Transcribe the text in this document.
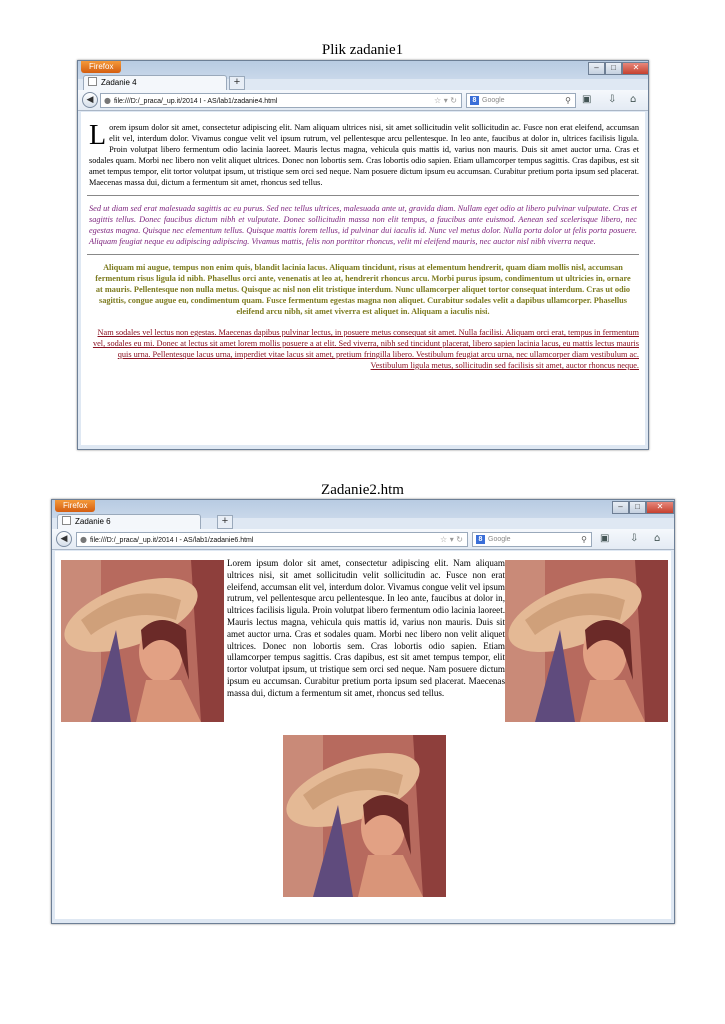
Plik zadanie1
Firefox	–	□	✕
Zadanie 4	+
◀	● file:///D:/_praca/_up.it/2014 I - AS/lab1/zadanie4.html	☆ ▾ ↻	8 Google	⚲ ▣ ⇩ ⌂

Lorem ipsum dolor sit amet, consectetur adipiscing elit. Nam aliquam ultrices nisi, sit amet sollicitudin velit sollicitudin ac. Fusce non erat eleifend, accumsan elit vel, interdum dolor. Vivamus congue velit vel ipsum rutrum, vel pellentesque arcu pellentesque. In leo ante, faucibus at dolor in, ultrices facilisis ligula. Proin volutpat libero fermentum odio lacinia laoreet. Mauris lectus magna, vehicula quis mattis id, varius non mauris. Duis sit amet auctor urna. Cras et sodales quam. Morbi nec libero non velit aliquet ultrices. Donec non lobortis sem. Cras lobortis odio sapien. Etiam ullamcorper tempus sagittis. Cras dapibus, est sit amet tempus tempor, elit tortor volutpat ipsum, ut tristique sem orci sed neque. Nam posuere dictum ipsum eu accumsan. Curabitur pretium porta ipsum sed placerat. Maecenas massa dui, dictum a fermentum sit amet, rhoncus sed tellus.

Sed ut diam sed erat malesuada sagittis ac eu purus. Sed nec tellus ultrices, malesuada ante ut, gravida diam. Nullam eget odio at libero pulvinar vulputate. Cras et sagittis tellus. Donec faucibus dictum nibh et vulputate. Donec sollicitudin massa non elit tempus, a faucibus ante euismod. Aenean sed scelerisque libero, nec egestas magna. Quisque nec elementum tellus. Quisque mattis lorem tellus, id pulvinar dui iaculis id. Nunc vel metus dolor. Nulla porta dolor ut felis porta posuere. Aliquam feugiat neque eu adipiscing adipiscing. Vivamus mattis, felis non porttitor rhoncus, velit mi eleifend mauris, nec auctor nisl nibh viverra neque.

Aliquam mi augue, tempus non enim quis, blandit lacinia lacus. Aliquam tincidunt, risus at elementum hendrerit, quam diam mollis nisl, accumsan fermentum risus ligula id nibh. Phasellus orci ante, venenatis at leo at, hendrerit rhoncus arcu. Morbi purus ipsum, condimentum ut ultricies in, ornare at mauris. Pellentesque non nulla metus. Quisque ac nisl non elit tristique interdum. Nunc ullamcorper aliquet tortor consequat interdum. Cras ut odio sagittis, congue augue eu, condimentum quam. Fusce fermentum egestas magna non aliquet. Curabitur sodales velit a dapibus ullamcorper. Phasellus eleifend arcu nibh, sit amet viverra est aliquet in. Aliquam a iaculis nisi.

Nam sodales vel lectus non egestas. Maecenas dapibus pulvinar lectus, in posuere metus consequat sit amet. Nulla facilisi. Aliquam orci erat, tempus in fermentum vel, sodales eu mi. Donec at lectus sit amet lorem mollis posuere a at elit. Sed viverra, nibh sed tincidunt placerat, libero sapien lacinia lacus, eu mattis lectus mauris quis urna. Pellentesque lacus urna, imperdiet vitae lacus sit amet, pretium fringilla libero. Vestibulum feugiat arcu urna, nec ullamcorper diam vestibulum ac. Vestibulum ligula metus, sollicitudin sed facilisis sit amet, auctor rhoncus neque.

Zadanie2.htm
Firefox	–	□	✕
Zadanie 6	+
◀	● file:///D:/_praca/_up.it/2014 I - AS/lab1/zadanie6.html	☆ ▾ ↻	8 Google	⚲ ▣ ⇩ ⌂

Lorem ipsum dolor sit amet, consectetur adipiscing elit. Nam aliquam ultrices nisi, sit amet sollicitudin velit sollicitudin ac. Fusce non erat eleifend, accumsan elit vel, interdum dolor. Vivamus congue velit vel ipsum rutrum, vel pellentesque arcu pellentesque. In leo ante, faucibus at dolor in, ultrices facilisis ligula. Proin volutpat libero fermentum odio lacinia laoreet. Mauris lectus magna, vehicula quis mattis id, varius non mauris. Duis sit amet auctor urna. Cras et sodales quam. Morbi nec libero non velit aliquet ultrices. Donec non lobortis sem. Cras lobortis odio sapien. Etiam ullamcorper tempus sagittis. Cras dapibus, est sit amet tempus tempor, elit tortor volutpat ipsum, ut tristique sem orci sed neque. Nam posuere dictum ipsum eu accumsan. Curabitur pretium porta ipsum sed placerat. Maecenas massa dui, dictum a fermentum sit amet, rhoncus sed tellus.
